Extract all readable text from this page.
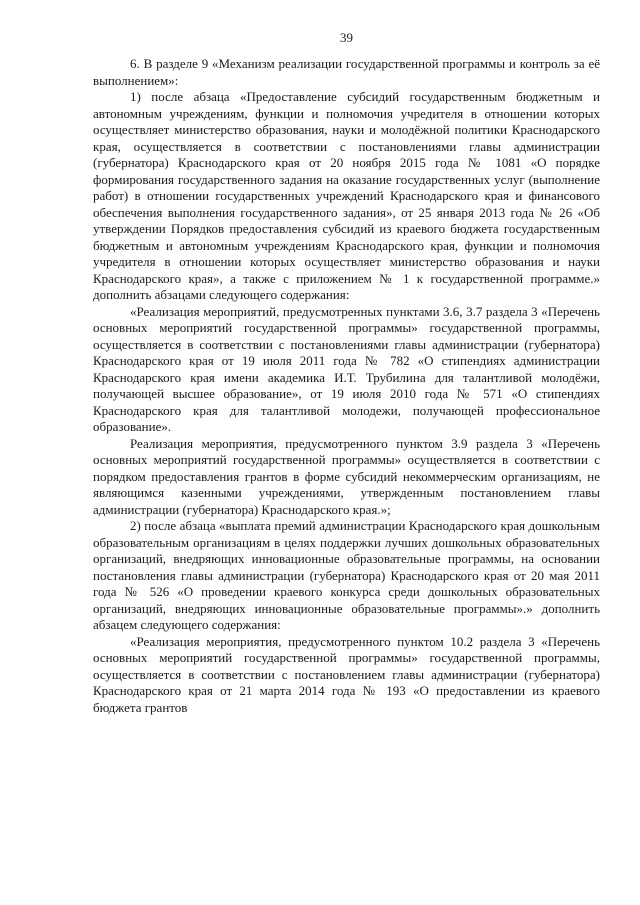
39

6. В разделе 9 «Механизм реализации государственной программы и контроль за её выполнением»:

1) после абзаца «Предоставление субсидий государственным бюджетным и автономным учреждениям, функции и полномочия учредителя в отношении которых осуществляет министерство образования, науки и молодёжной политики Краснодарского края, осуществляется в соответствии с постановлениями главы администрации (губернатора) Краснодарского края от 20 ноября 2015 года № 1081 «О порядке формирования государственного задания на оказание государственных услуг (выполнение работ) в отношении государственных учреждений Краснодарского края и финансового обеспечения выполнения государственного задания», от 25 января 2013 года № 26 «Об утверждении Порядков предоставления субсидий из краевого бюджета государственным бюджетным и автономным учреждениям Краснодарского края, функции и полномочия учредителя в отношении которых осуществляет министерство образования и науки Краснодарского края», а также с приложением № 1 к государственной программе.» дополнить абзацами следующего содержания:

«Реализация мероприятий, предусмотренных пунктами 3.6, 3.7 раздела 3 «Перечень основных мероприятий государственной программы» государственной программы, осуществляется в соответствии с постановлениями главы администрации (губернатора) Краснодарского края от 19 июля 2011 года № 782 «О стипендиях администрации Краснодарского края имени академика И.Т. Трубилина для талантливой молодёжи, получающей высшее образование», от 19 июля 2010 года № 571 «О стипендиях Краснодарского края для талантливой молодежи, получающей профессиональное образование».

Реализация мероприятия, предусмотренного пунктом 3.9 раздела 3 «Перечень основных мероприятий государственной программы» осуществляется в соответствии с порядком предоставления грантов в форме субсидий некоммерческим организациям, не являющимся казенными учреждениями, утвержденным постановлением главы администрации (губернатора) Краснодарского края.»;

2) после абзаца «выплата премий администрации Краснодарского края дошкольным образовательным организациям в целях поддержки лучших дошкольных образовательных организаций, внедряющих инновационные образовательные программы, на основании постановления главы администрации (губернатора) Краснодарского края от 20 мая 2011 года № 526 «О проведении краевого конкурса среди дошкольных образовательных организаций, внедряющих инновационные образовательные программы».» дополнить абзацем следующего содержания:

«Реализация мероприятия, предусмотренного пунктом 10.2 раздела 3 «Перечень основных мероприятий государственной программы» государственной программы, осуществляется в соответствии с постановлением главы администрации (губернатора) Краснодарского края от 21 марта 2014 года № 193 «О предоставлении из краевого бюджета грантов
